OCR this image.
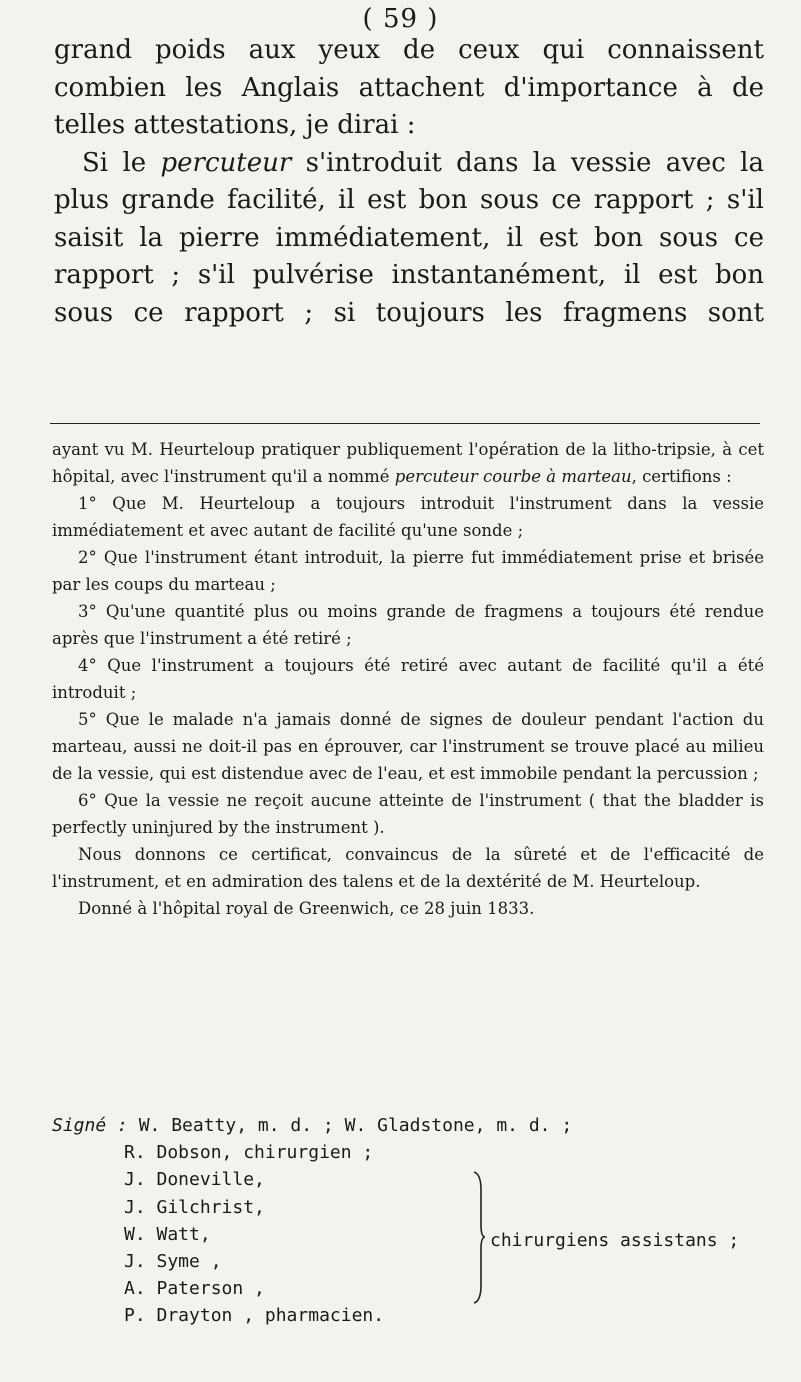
( 59 )

grand poids aux yeux de ceux qui connaissent

combien les Anglais attachent d'importance à de

telles attestations, je dirai :

Si le percuteur s'introduit dans la vessie avec la plus grande facilité, il est bon sous ce rapport ; s'il saisit la pierre immédiatement, il est bon sous ce rapport ; s'il pulvérise instantanément, il est bon sous ce rapport ; si toujours les fragmens sont

ayant vu M. Heurteloup pratiquer publiquement l'opération de la litho-tripsie, à cet hôpital, avec l'instrument qu'il a nommé percuteur courbe à marteau, certifions :

1° Que M. Heurteloup a toujours introduit l'instrument dans la vessie immédiatement et avec autant de facilité qu'une sonde ;

2° Que l'instrument étant introduit, la pierre fut immédiatement prise et brisée par les coups du marteau ;

3° Qu'une quantité plus ou moins grande de fragmens a toujours été rendue après que l'instrument a été retiré ;

4° Que l'instrument a toujours été retiré avec autant de facilité qu'il a été introduit ;

5° Que le malade n'a jamais donné de signes de douleur pendant l'action du marteau, aussi ne doit-il pas en éprouver, car l'instrument se trouve placé au milieu de la vessie, qui est distendue avec de l'eau, et est immobile pendant la percussion ;

6° Que la vessie ne reçoit aucune atteinte de l'instrument ( that the bladder is perfectly uninjured by the instrument ).

Nous donnons ce certificat, convaincus de la sûreté et de l'efficacité de l'instrument, et en admiration des talens et de la dextérité de M. Heurteloup.

Donné à l'hôpital royal de Greenwich, ce 28 juin 1833.

Signé : W. Beatty, m. d. ; W. Gladstone, m. d. ;
R. Dobson, chirurgien ;
J. Doneville,
J. Gilchrist,
W. Watt,
J. Syme ,
A. Paterson ,
P. Drayton , pharmacien.
chirurgiens assistans ;
